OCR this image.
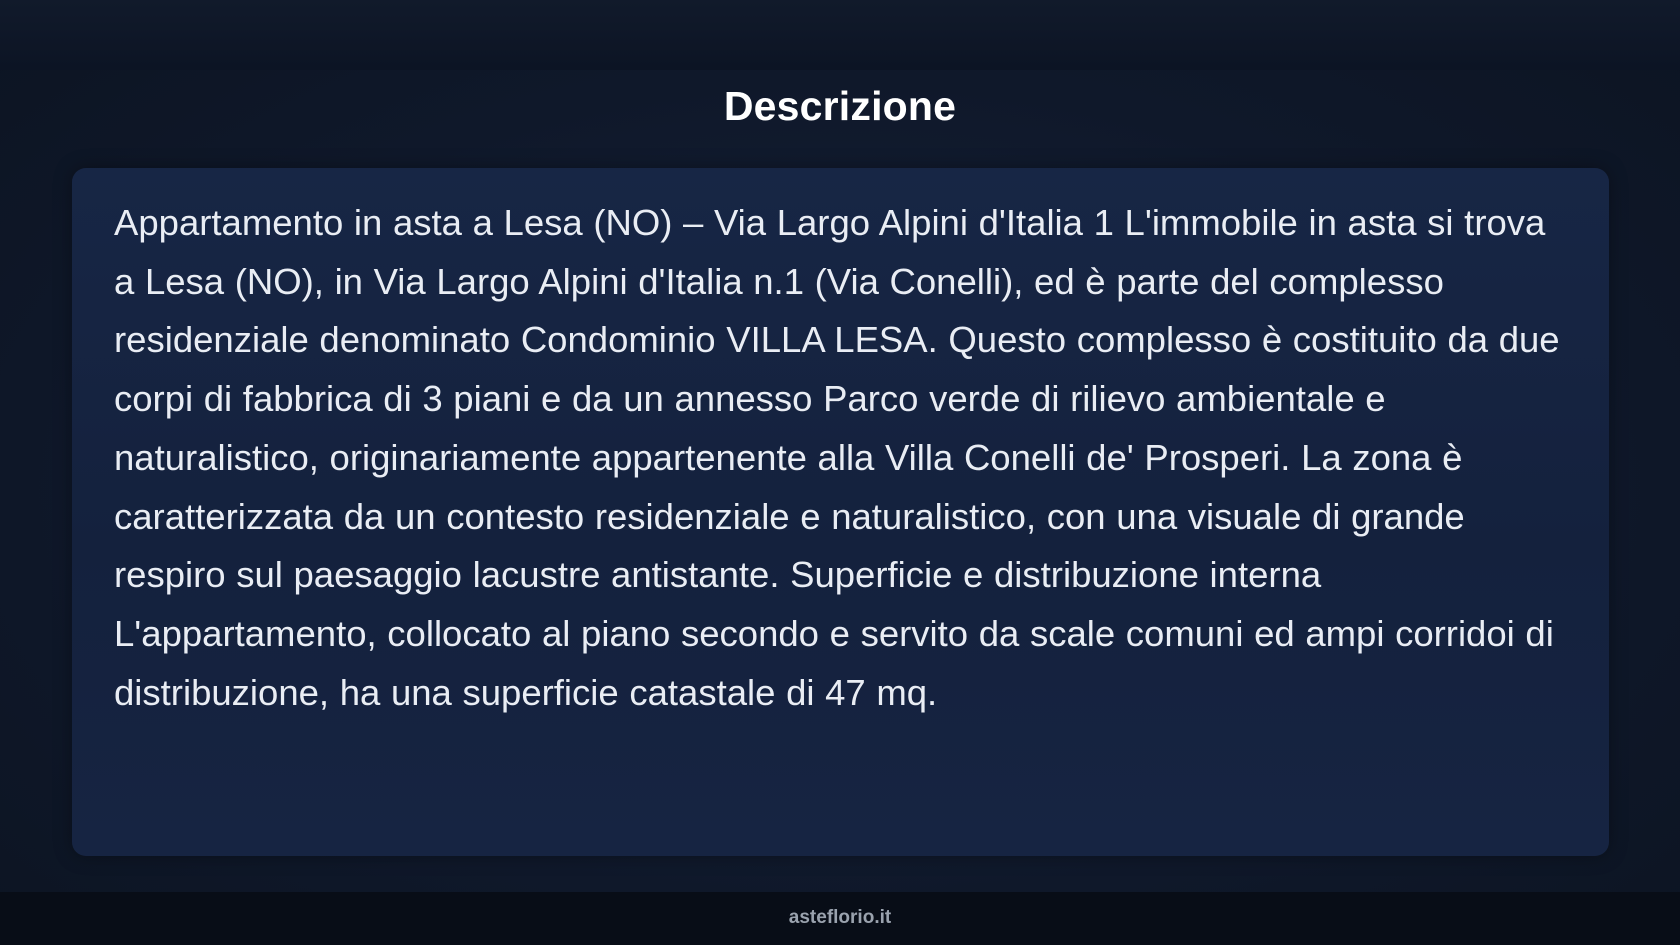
Descrizione

Appartamento in asta a Lesa (NO) – Via Largo Alpini d'Italia 1 L'immobile in asta si trova a Lesa (NO), in Via Largo Alpini d'Italia n.1 (Via Conelli), ed è parte del complesso residenziale denominato Condominio VILLA LESA. Questo complesso è costituito da due corpi di fabbrica di 3 piani e da un annesso Parco verde di rilievo ambientale e naturalistico, originariamente appartenente alla Villa Conelli de' Prosperi. La zona è caratterizzata da un contesto residenziale e naturalistico, con una visuale di grande respiro sul paesaggio lacustre antistante. Superficie e distribuzione interna L'appartamento, collocato al piano secondo e servito da scale comuni ed ampi corridoi di distribuzione, ha una superficie catastale di 47 mq.

asteflorio.it
